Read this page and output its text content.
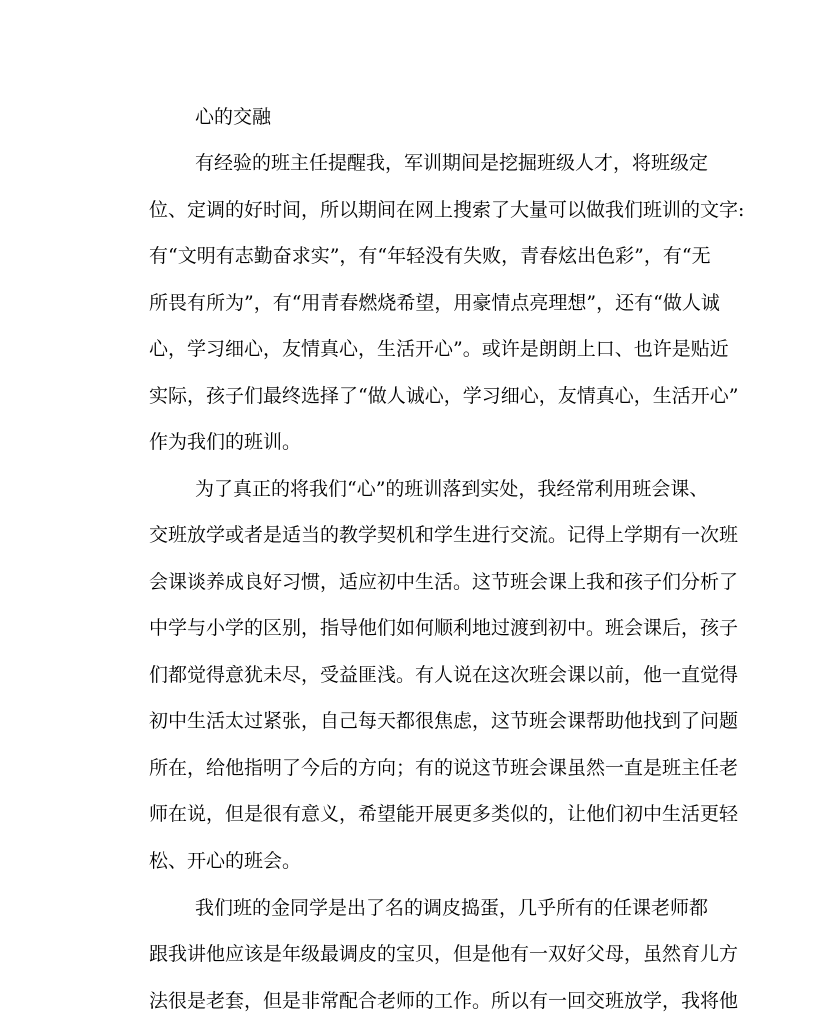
心的交融
有经验的班主任提醒我，军训期间是挖掘班级人才，将班级定
位、定调的好时间，所以期间在网上搜索了大量可以做我们班训的文字:
有“文明有志勤奋求实”，有“年轻没有失败，青春炫出色彩”，有“无
所畏有所为”，有“用青春燃烧希望，用豪情点亮理想”，还有“做人诚
心，学习细心，友情真心，生活开心”。或许是朗朗上口、也许是贴近
实际，孩子们最终选择了“做人诚心，学习细心，友情真心，生活开心”
作为我们的班训。
为了真正的将我们“心”的班训落到实处，我经常利用班会课、
交班放学或者是适当的教学契机和学生进行交流。记得上学期有一次班
会课谈养成良好习惯，适应初中生活。这节班会课上我和孩子们分析了
中学与小学的区别，指导他们如何顺利地过渡到初中。班会课后，孩子
们都觉得意犹未尽，受益匪浅。有人说在这次班会课以前，他一直觉得
初中生活太过紧张，自己每天都很焦虑，这节班会课帮助他找到了问题
所在，给他指明了今后的方向；有的说这节班会课虽然一直是班主任老
师在说，但是很有意义，希望能开展更多类似的，让他们初中生活更轻
松、开心的班会。
我们班的金同学是出了名的调皮捣蛋，几乎所有的任课老师都
跟我讲他应该是年级最调皮的宝贝，但是他有一双好父母，虽然育儿方
法很是老套，但是非常配合老师的工作。所以有一回交班放学，我将他
